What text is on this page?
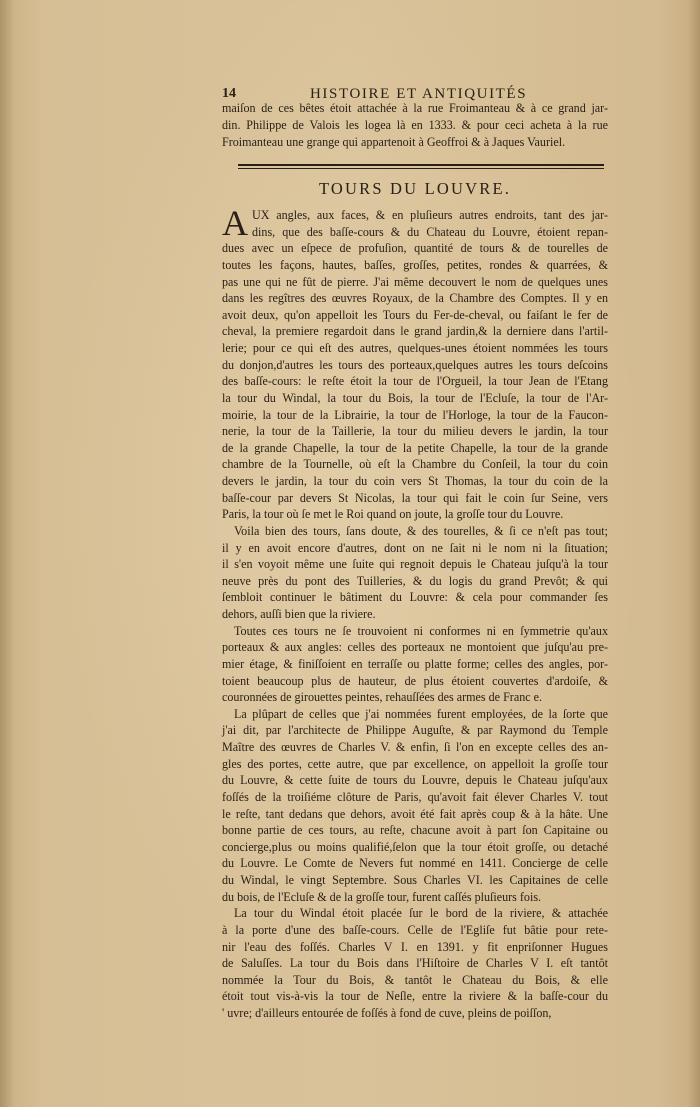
14	HISTOIRE ET ANTIQUITÉS
maiſon de ces bêtes étoit attachée à la rue Froimanteau & à ce grand jar-
din. Philippe de Valois les logea là en 1333. & pour ceci acheta à la rue
Froimanteau une grange qui appartenoit à Geoffroi & à Jaques Vauriel.
TOURS DU LOUVRE.
A UX angles, aux faces, & en pluſieurs autres endroits, tant des jar-
dins, que des baſſe-cours & du Chateau du Louvre, étoient repan-
dues avec un eſpece de profuſion, quantité de tours & de tourelles de
toutes les façons, hautes, baſſes, groſſes, petites, rondes & quarrées, &
pas une qui ne fût de pierre. J'ai même decouvert le nom de quelques unes
dans les regîtres des œuvres Royaux, de la Chambre des Comptes. Il y en
avoit deux, qu'on appelloit les Tours du Fer-de-cheval, ou faiſant le fer de
cheval, la premiere regardoit dans le grand jardin,& la derniere dans l'artil-
lerie; pour ce qui eſt des autres, quelques-unes étoient nommées les tours
du donjon,d'autres les tours des porteaux,quelques autres les tours deſcoins
des baſſe-cours: le reſte étoit la tour de l'Orgueil, la tour Jean de l'Etang
la tour du Windal, la tour du Bois, la tour de l'Ecluſe, la tour de l'Ar-
moirie, la tour de la Librairie, la tour de l'Horloge, la tour de la Faucon-
nerie, la tour de la Taillerie, la tour du milieu devers le jardin, la tour
de la grande Chapelle, la tour de la petite Chapelle, la tour de la grande
chambre de la Tournelle, où eſt la Chambre du Conſeil, la tour du coin
devers le jardin, la tour du coin vers St Thomas, la tour du coin de la
baſſe-cour par devers St Nicolas, la tour qui fait le coin ſur Seine, vers
Paris, la tour où ſe met le Roi quand on joute, la groſſe tour du Louvre.
Voila bien des tours, ſans doute, & des tourelles, & ſi ce n'eſt pas tout;
il y en avoit encore d'autres, dont on ne ſait ni le nom ni la ſituation;
il s'en voyoit même une ſuite qui regnoit depuis le Chateau juſqu'à la tour
neuve près du pont des Tuilleries, & du logis du grand Prevôt; & qui
ſembloit continuer le bâtiment du Louvre: & cela pour commander ſes
dehors, auſſi bien que la riviere.
Toutes ces tours ne ſe trouvoient ni conformes ni en ſymmetrie qu'aux
porteaux & aux angles: celles des porteaux ne montoient que juſqu'au pre-
mier étage, & finiſſoient en terraſſe ou platte forme; celles des angles, por-
toient beaucoup plus de hauteur, de plus étoient couvertes d'ardoiſe, &
couronnées de girouettes peintes, rehauſſées des armes de Franc e.
La plûpart de celles que j'ai nommées furent employées, de la ſorte que
j'ai dit, par l'architecte de Philippe Auguſte, & par Raymond du Temple
Maître des œuvres de Charles V. & enfin, ſi l'on en excepte celles des an-
gles des portes, cette autre, que par excellence, on appelloit la groſſe tour
du Louvre, & cette ſuite de tours du Louvre, depuis le Chateau juſqu'aux
foſſés de la troiſiéme clôture de Paris, qu'avoit fait élever Charles V. tout
le reſte, tant dedans que dehors, avoit été fait après coup & à la hâte. Une
bonne partie de ces tours, au reſte, chacune avoit à part ſon Capitaine ou
concierge,plus ou moins qualifié,ſelon que la tour étoit groſſe, ou detaché
du Louvre. Le Comte de Nevers fut nommé en 1411. Concierge de celle
du Windal, le vingt Septembre. Sous Charles VI. les Capitaines de celle
du bois, de l'Ecluſe & de la groſſe tour, furent caſſés pluſieurs fois.
La tour du Windal étoit placée ſur le bord de la riviere, & attachée
à la porte d'une des baſſe-cours. Celle de l'Egliſe fut bâtie pour rete-
nir l'eau des foſſés. Charles V I. en 1391. y fit enpriſonner Hugues
de Saluſſes. La tour du Bois dans l'Hiſtoire de Charles V I. eſt tantôt
nommée la Tour du Bois, & tantôt le Chateau du Bois, & elle
étoit tout vis-à-vis la tour de Neſle, entre la riviere & la baſſe-cour du
' uvre; d'ailleurs entourée de foſſés à fond de cuve, pleins de poiſſon,
